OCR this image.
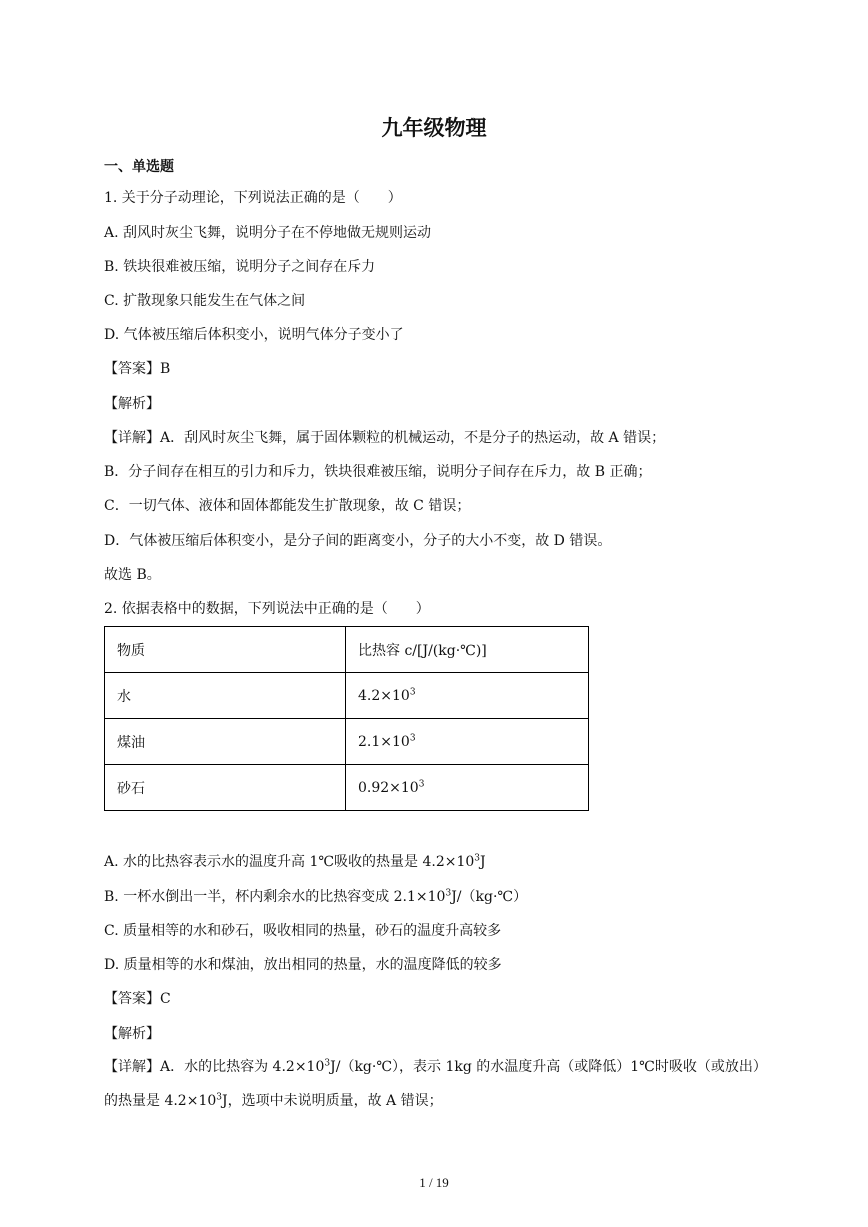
九年级物理
一、单选题
1. 关于分子动理论，下列说法正确的是（　　）
A. 刮风时灰尘飞舞，说明分子在不停地做无规则运动
B. 铁块很难被压缩，说明分子之间存在斥力
C. 扩散现象只能发生在气体之间
D. 气体被压缩后体积变小，说明气体分子变小了
【答案】B
【解析】
【详解】A．刮风时灰尘飞舞，属于固体颗粒的机械运动，不是分子的热运动，故 A 错误；
B．分子间存在相互的引力和斥力，铁块很难被压缩，说明分子间存在斥力，故 B 正确；
C．一切气体、液体和固体都能发生扩散现象，故 C 错误；
D．气体被压缩后体积变小，是分子间的距离变小，分子的大小不变，故 D 错误。
故选 B。
2. 依据表格中的数据，下列说法中正确的是（　　）
物质	比热容 c/[J/(kg·℃)]
水	$4.2\times 10^3$
煤油	$2.1\times 10^3$
砂石	$0.92\times 10^3$
A. 水的比热容表示水的温度升高 1℃吸收的热量是 $4.2\times 10^3J$
B. 一杯水倒出一半，杯内剩余水的比热容变成 $2.1\times 10^3J/(kg\cdot℃)$
C. 质量相等的水和砂石，吸收相同的热量，砂石的温度升高较多
D. 质量相等的水和煤油，放出相同的热量，水的温度降低的较多
【答案】C
【解析】
【详解】A．水的比热容为 $4.2\times 10^3J/(kg\cdot℃)$，表示 1kg 的水温度升高（或降低）1℃时吸收（或放出）的热量是 $4.2\times 10^3J$，选项中未说明质量，故 A 错误；
1 / 19
